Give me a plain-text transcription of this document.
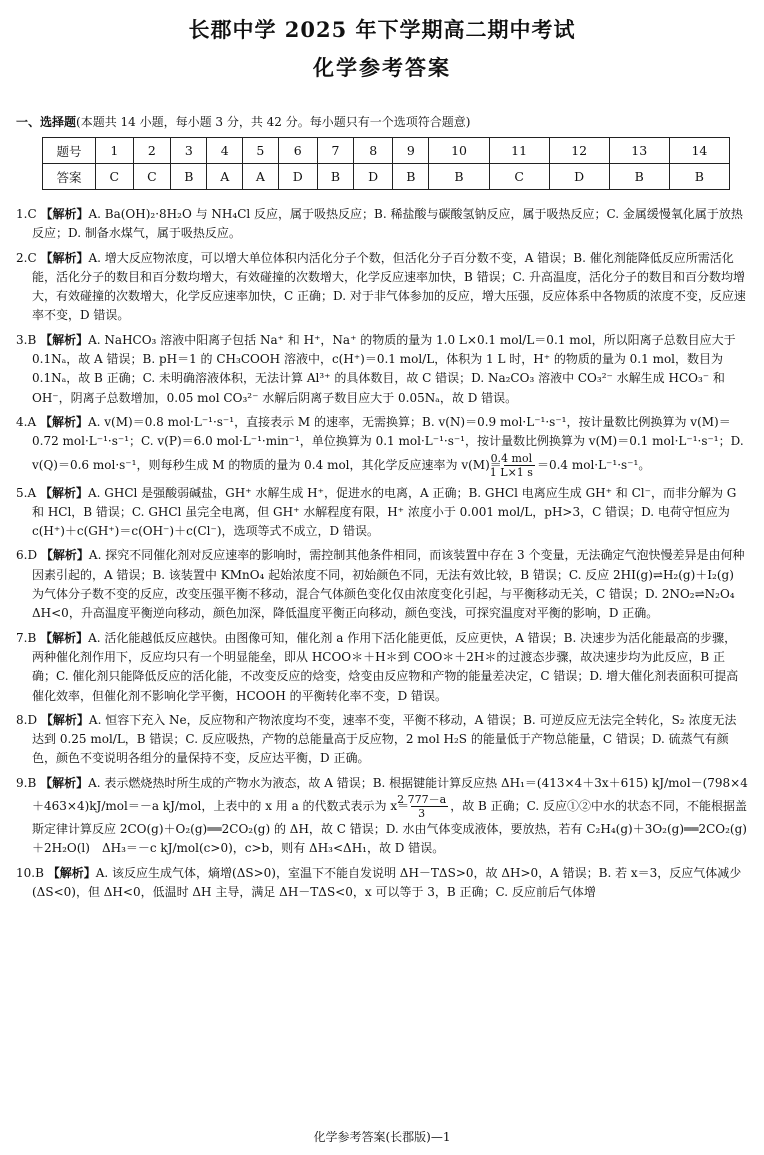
长郡中学 2025 年下学期高二期中考试
化学参考答案
一、选择题(本题共 14 小题，每小题 3 分，共 42 分。每小题只有一个选项符合题意)
题号	1	2	3	4	5	6	7	8	9	10	11	12	13	14
答案	C	C	B	A	A	D	B	D	B	B	C	D	B	B
1.C 【解析】A. Ba(OH)₂·8H₂O 与 NH₄Cl 反应，属于吸热反应；B. 稀盐酸与碳酸氢钠反应，属于吸热反应；C. 金属缓慢氧化属于放热反应；D. 制备水煤气，属于吸热反应。
2.C 【解析】A. 增大反应物浓度，可以增大单位体积内活化分子个数，但活化分子百分数不变，A 错误；B. 催化剂能降低反应所需活化能，活化分子的数目和百分数均增大，有效碰撞的次数增大，化学反应速率加快，B 错误；C. 升高温度，活化分子的数目和百分数均增大，有效碰撞的次数增大，化学反应速率加快，C 正确；D. 对于非气体参加的反应，增大压强，反应体系中各物质的浓度不变，反应速率不变，D 错误。
3.B 【解析】A. NaHCO₃ 溶液中阳离子包括 Na⁺ 和 H⁺，Na⁺ 的物质的量为 1.0 L×0.1 mol/L＝0.1 mol，所以阳离子总数目应大于 0.1Nₐ，故 A 错误；B. pH＝1 的 CH₃COOH 溶液中，c(H⁺)＝0.1 mol/L，体积为 1 L 时，H⁺ 的物质的量为 0.1 mol，数目为 0.1Nₐ，故 B 正确；C. 未明确溶液体积，无法计算 Al³⁺ 的具体数目，故 C 错误；D. Na₂CO₃ 溶液中 CO₃²⁻ 水解生成 HCO₃⁻ 和 OH⁻，阴离子总数增加，0.05 mol CO₃²⁻ 水解后阴离子数目应大于 0.05Nₐ，故 D 错误。
4.A 【解析】A. v(M)＝0.8 mol·L⁻¹·s⁻¹，直接表示 M 的速率，无需换算；B. v(N)＝0.9 mol·L⁻¹·s⁻¹，按计量数比例换算为 v(M)＝0.72 mol·L⁻¹·s⁻¹；C. v(P)＝6.0 mol·L⁻¹·min⁻¹，单位换算为 0.1 mol·L⁻¹·s⁻¹，按计量数比例换算为 v(M)＝0.1 mol·L⁻¹·s⁻¹；D. v(Q)＝0.6 mol·s⁻¹，则每秒生成 M 的物质的量为 0.4 mol，其化学反应速率为 $v(M)= \frac{\text{0.4 mol}}{1 L\times 1 s} =0.4$ mol·L⁻¹·s⁻¹。
5.A 【解析】A. GHCl 是强酸弱碱盐，GH⁺ 水解生成 H⁺，促进水的电离，A 正确；B. GHCl 电离应生成 GH⁺ 和 Cl⁻，而非分解为 G 和 HCl，B 错误；C. GHCl 虽完全电离，但 GH⁺ 水解程度有限，H⁺ 浓度小于 0.001 mol/L，pH>3，C 错误；D. 电荷守恒应为 c(H⁺)＋c(GH⁺)＝c(OH⁻)＋c(Cl⁻)，选项等式不成立，D 错误。
6.D 【解析】A. 探究不同催化剂对反应速率的影响时，需控制其他条件相同，而该装置中存在 3 个变量，无法确定气泡快慢差异是由何种因素引起的，A 错误；B. 该装置中 KMnO₄ 起始浓度不同，初始颜色不同，无法有效比较，B 错误；C. 反应 2HI(g)⇌H₂(g)＋I₂(g) 为气体分子数不变的反应，改变压强平衡不移动，混合气体颜色变化仅由浓度变化引起，与平衡移动无关，C 错误；D. 2NO₂⇌N₂O₄　ΔH<0，升高温度平衡逆向移动，颜色加深，降低温度平衡正向移动，颜色变浅，可探究温度对平衡的影响，D 正确。
7.B 【解析】A. 活化能越低反应越快。由图像可知，催化剂 a 作用下活化能更低，反应更快，A 错误；B. 决速步为活化能最高的步骤，两种催化剂作用下，反应均只有一个明显能垒，即从 HCOO＊＋H＊到 COO＊＋2H＊的过渡态步骤，故决速步均为此反应，B 正确；C. 催化剂只能降低反应的活化能，不改变反应的焓变，焓变由反应物和产物的能量差决定，C 错误；D. 增大催化剂表面积可提高催化效率，但催化剂不影响化学平衡，HCOOH 的平衡转化率不变，D 错误。
8.D 【解析】A. 恒容下充入 Ne，反应物和产物浓度均不变，速率不变，平衡不移动，A 错误；B. 可逆反应无法完全转化，S₂ 浓度无法达到 0.25 mol/L，B 错误；C. 反应吸热，产物的总能量高于反应物，2 mol H₂S 的能量低于产物总能量，C 错误；D. 硫蒸气有颜色，颜色不变说明各组分的量保持不变，反应达平衡，D 正确。
9.B 【解析】A. 表示燃烧热时所生成的产物水为液态，故 A 错误；B. 根据键能计算反应热 ΔH₁＝(413×4＋3x＋615) kJ/mol－(798×4＋463×4)kJ/mol＝－a kJ/mol，上表中的 x 用 a 的代数式表示为 $x= \frac{2 777-a}{3}$ ，故 B 正确；C. 反应①②中水的状态不同，不能根据盖斯定律计算反应 2CO(g)＋O₂(g)══2CO₂(g) 的 ΔH，故 C 错误；D. 水由气体变成液体，要放热，若有 C₂H₄(g)＋3O₂(g)══2CO₂(g)＋2H₂O(l)　ΔH₃＝－c kJ/mol(c>0)，c>b，则有 ΔH₃<ΔH₁，故 D 错误。
10.B 【解析】A. 该反应生成气体，熵增(ΔS>0)，室温下不能自发说明 ΔH－TΔS>0，故 ΔH>0，A 错误；B. 若 x＝3，反应气体减少(ΔS<0)，但 ΔH<0，低温时 ΔH 主导，满足 ΔH－TΔS<0，x 可以等于 3，B 正确；C. 反应前后气体增
化学参考答案(长郡版)—1
